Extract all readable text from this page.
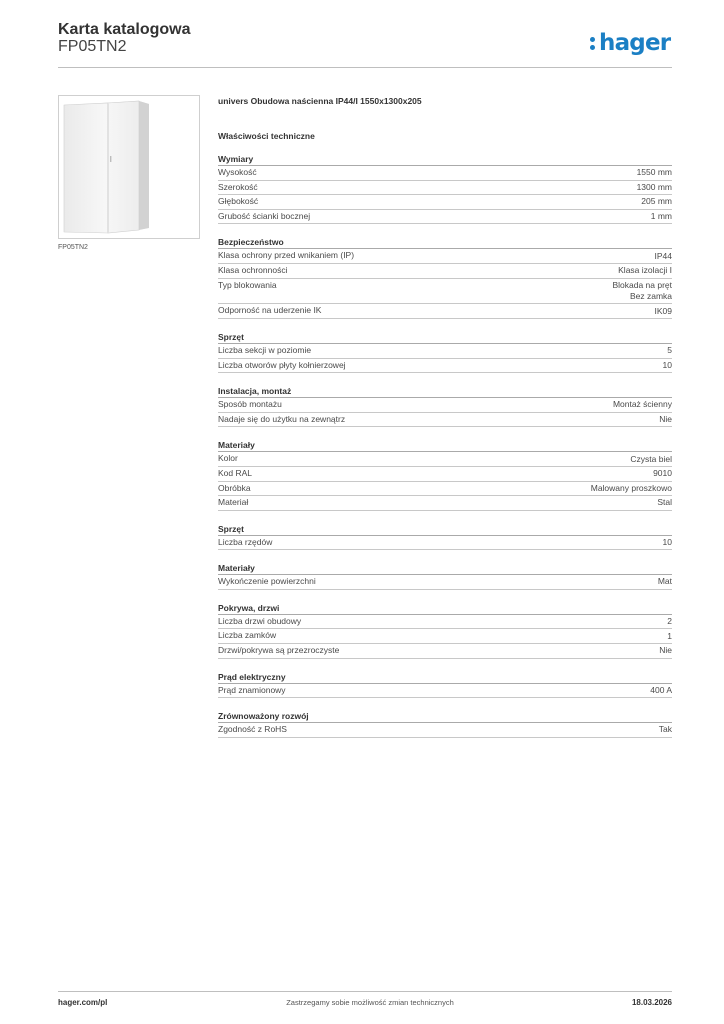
Karta katalogowa
FP05TN2	hager
FP05TN2
univers Obudowa naścienna IP44/I 1550x1300x205
Właściwości techniczne
Wymiary
Wysokość	1550 mm
Szerokość	1300 mm
Głębokość	205 mm
Grubość ścianki bocznej	1 mm
Bezpieczeństwo
Klasa ochrony przed wnikaniem (IP)	IP44
Klasa ochronności	Klasa izolacji I
Typ blokowania	Blokada na pręt
Bez zamka
Odporność na uderzenie IK	IK09
Sprzęt
Liczba sekcji w poziomie	5
Liczba otworów płyty kołnierzowej	10
Instalacja, montaż
Sposób montażu	Montaż ścienny
Nadaje się do użytku na zewnątrz	Nie
Materiały
Kolor	Czysta biel
Kod RAL	9010
Obróbka	Malowany proszkowo
Materiał	Stal
Sprzęt
Liczba rzędów	10
Materiały
Wykończenie powierzchni	Mat
Pokrywa, drzwi
Liczba drzwi obudowy	2
Liczba zamków	1
Drzwi/pokrywa są przezroczyste	Nie
Prąd elektryczny
Prąd znamionowy	400 A
Zrównoważony rozwój
Zgodność z RoHS	Tak
hager.com/pl	Zastrzegamy sobie możliwość zmian technicznych	18.03.2026
